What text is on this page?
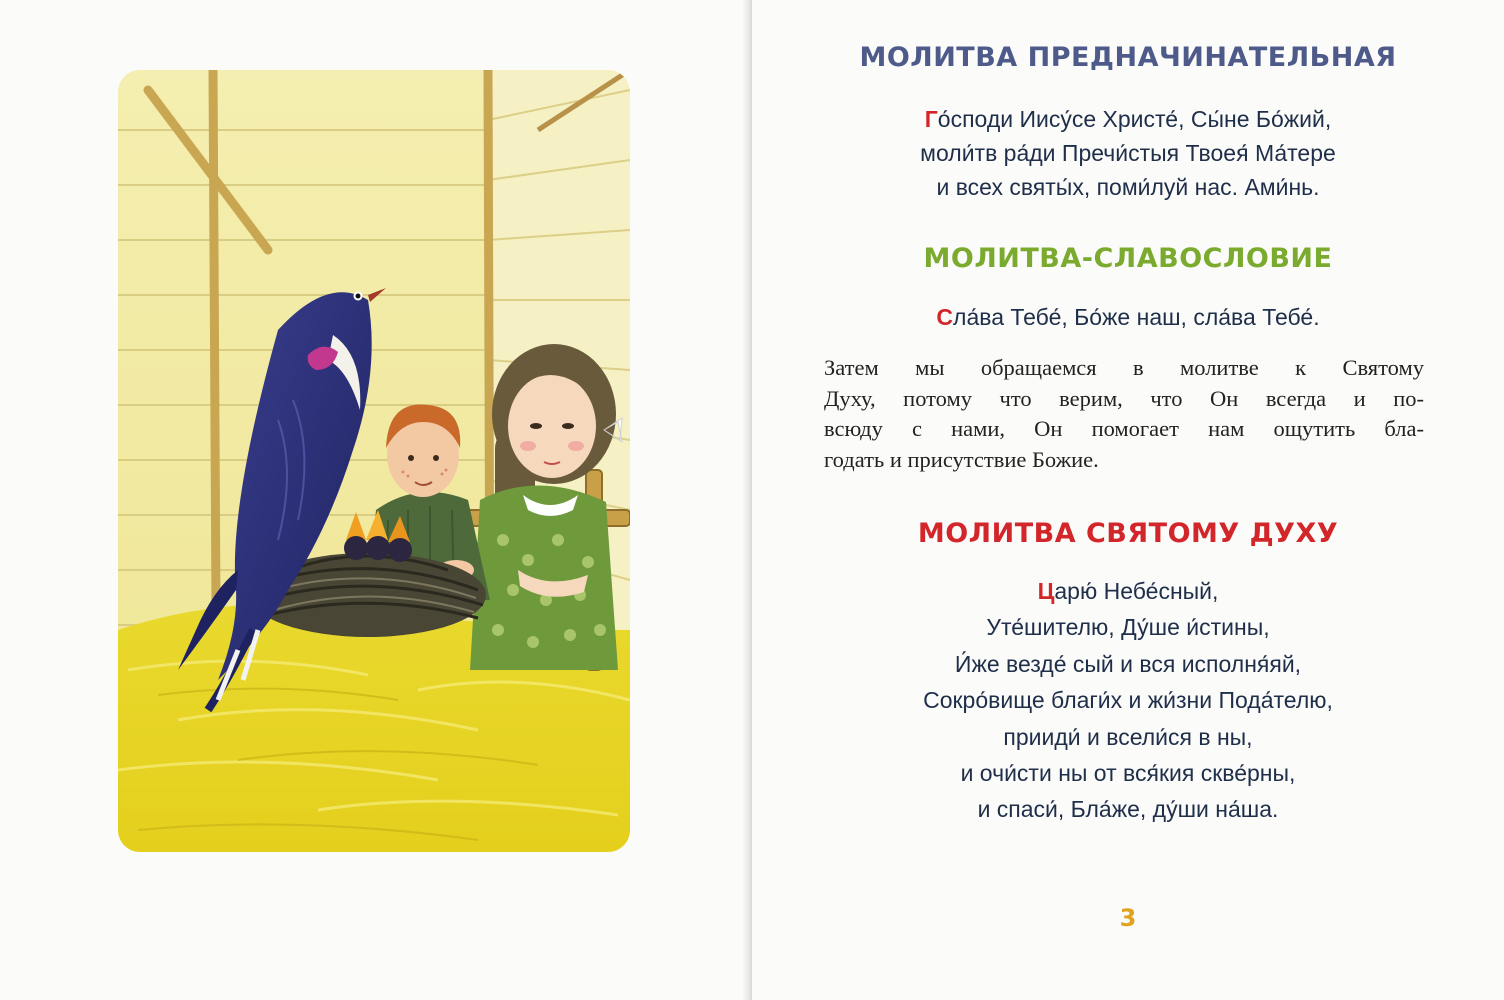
МОЛИТВА ПРЕДНАЧИНАТЕЛЬНАЯ
Го́споди Иису́се Христе́, Сы́не Бо́жий,
моли́тв ра́ди Пречи́стыя Твоея́ Ма́тере
и всех святы́х, поми́луй нас. Ами́нь.
МОЛИТВА-СЛАВОСЛОВИЕ
Сла́ва Тебе́, Бо́же наш, сла́ва Тебе́.
Затем мы обращаемся в молитве к Святому
Духу, потому что верим, что Он всегда и по-
всюду с нами, Он помогает нам ощутить бла-
годать и присутствие Божие.
МОЛИТВА СВЯТОМУ ДУХУ
Царю́ Небе́сный,
Уте́шителю, Ду́ше и́стины,
И́же везде́ сый и вся исполня́яй,
Сокро́вище благи́х и жи́зни Пода́телю,
прииди́ и всели́ся в ны,
и очи́сти ны от вся́кия скве́рны,
и спаси́, Бла́же, ду́ши на́ша.
3
